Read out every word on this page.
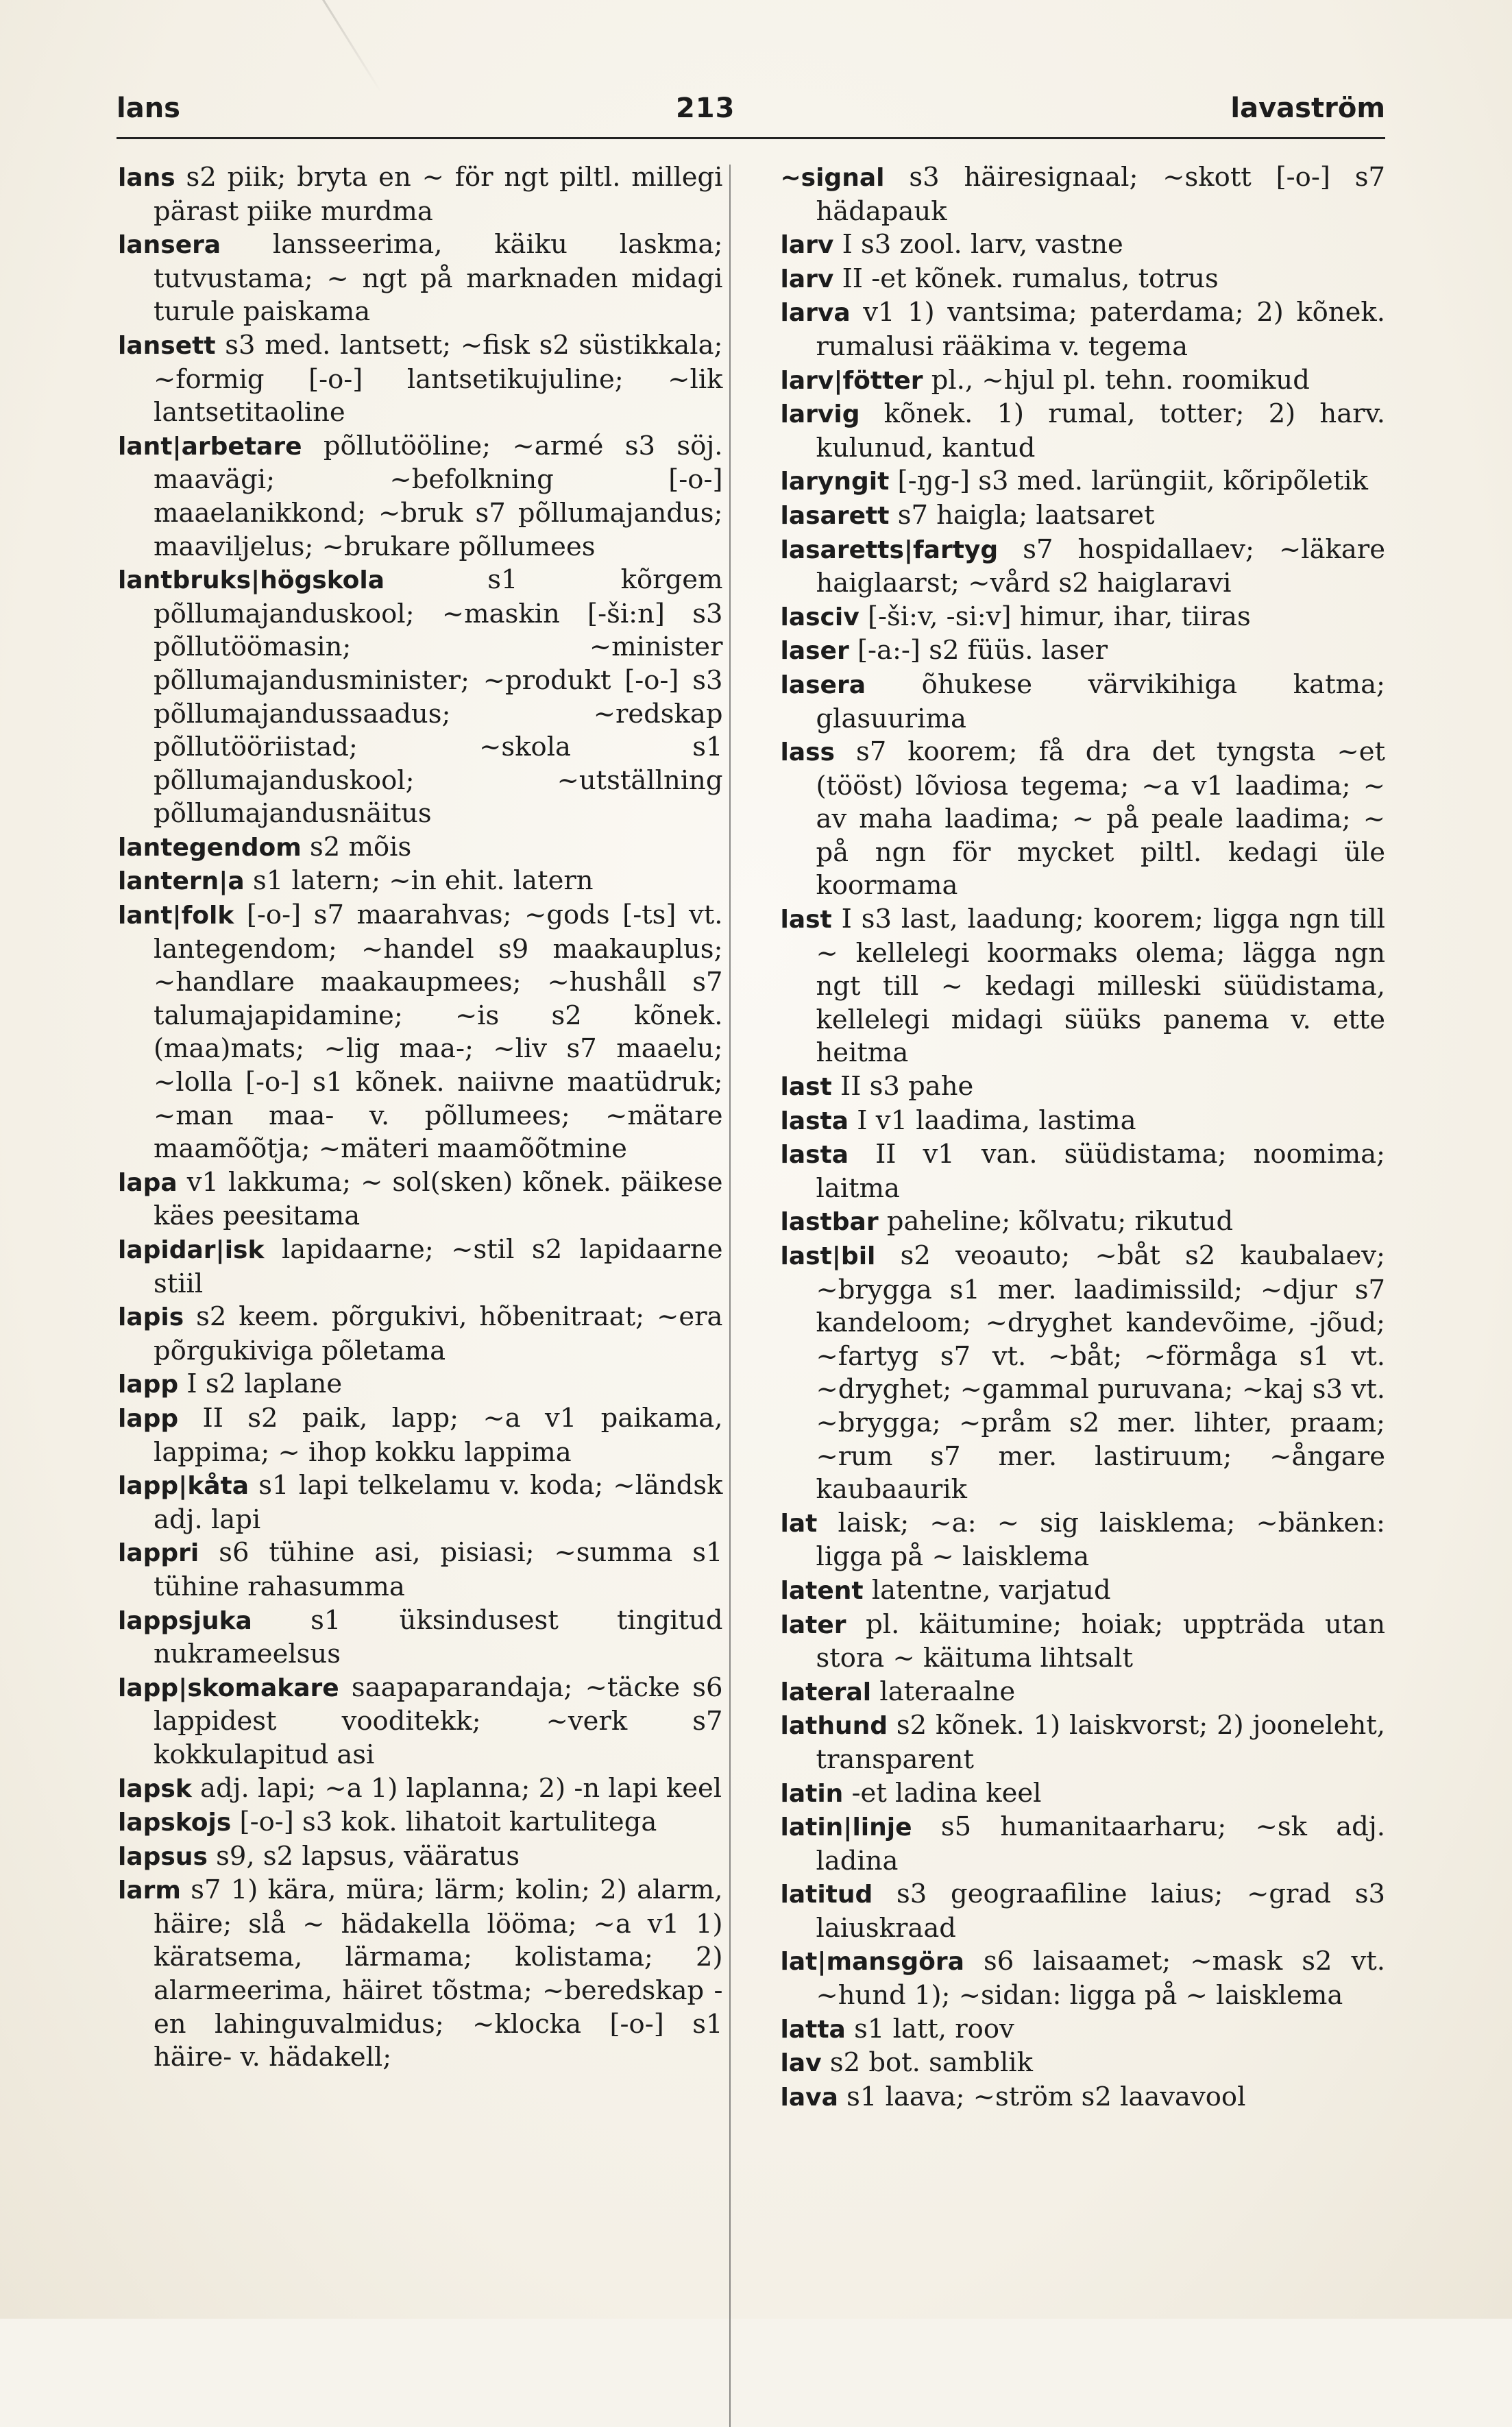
lans	213	lavaström

lans s2 piik; bryta en ~ för ngt piltl. millegi pärast piike murdma

lansera lansseerima, käiku laskma; tutvustama; ~ ngt på marknaden midagi turule paiskama

lansett s3 med. lantsett; ~fisk s2 süstikkala; ~formig [-o-] lantsetikujuline; ~lik lantsetitaoline

lant|arbetare põllutööline; ~armé s3 söj. maavägi; ~befolkning [-o-] maaelanikkond; ~bruk s7 põllumajandus; maaviljelus; ~brukare põllumees

lantbruks|högskola s1 kõrgem põllumajanduskool; ~maskin [-ši:n] s3 põllutöömasin; ~minister põllumajandusminister; ~produkt [-o-] s3 põllumajandussaadus; ~redskap põllutööriistad; ~skola s1 põllumajanduskool; ~utställning põllumajandusnäitus

lantegendom s2 mõis

lantern|a s1 latern; ~in ehit. latern

lant|folk [-o-] s7 maarahvas; ~gods [-ts] vt. lantegendom; ~handel s9 maakauplus; ~handlare maakaupmees; ~hushåll s7 talumajapidamine; ~is s2 kõnek. (maa)mats; ~lig maa-; ~liv s7 maaelu; ~lolla [-o-] s1 kõnek. naiivne maatüdruk; ~man maa- v. põllumees; ~mätare maamõõtja; ~mäteri maamõõtmine

lapa v1 lakkuma; ~ sol(sken) kõnek. päikese käes peesitama

lapidar|isk lapidaarne; ~stil s2 lapidaarne stiil

lapis s2 keem. põrgukivi, hõbenitraat; ~era põrgukiviga põletama

lapp I s2 laplane

lapp II s2 paik, lapp; ~a v1 paikama, lappima; ~ ihop kokku lappima

lapp|kåta s1 lapi telkelamu v. koda; ~ländsk adj. lapi

lappri s6 tühine asi, pisiasi; ~summa s1 tühine rahasumma

lappsjuka s1 üksindusest tingitud nukrameelsus

lapp|skomakare saapaparandaja; ~täcke s6 lappidest vooditekk; ~verk s7 kokkulapitud asi

lapsk adj. lapi; ~a 1) laplanna; 2) -n lapi keel

lapskojs [-o-] s3 kok. lihatoit kartulitega

lapsus s9, s2 lapsus, vääratus

larm s7 1) kära, müra; lärm; kolin; 2) alarm, häire; slå ~ hädakella lööma; ~a v1 1) käratsema, lärmama; kolistama; 2) alarmeerima, häiret tõstma; ~beredskap -en lahinguvalmidus; ~klocka [-o-] s1 häire- v. hädakell;

~signal s3 häiresignaal; ~skott [-o-] s7 hädapauk

larv I s3 zool. larv, vastne

larv II -et kõnek. rumalus, totrus

larva v1 1) vantsima; paterdama; 2) kõnek. rumalusi rääkima v. tegema

larv|fötter pl., ~hjul pl. tehn. roomikud

larvig kõnek. 1) rumal, totter; 2) harv. kulunud, kantud

laryngit [-ŋg-] s3 med. larüngiit, kõripõletik

lasarett s7 haigla; laatsaret

lasaretts|fartyg s7 hospidallaev; ~läkare haiglaarst; ~vård s2 haiglaravi

lasciv [-ši:v, -si:v] himur, ihar, tiiras

laser [-a:-] s2 füüs. laser

lasera õhukese värvikihiga katma; glasuurima

lass s7 koorem; få dra det tyngsta ~et (tööst) lõviosa tegema; ~a v1 laadima; ~ av maha laadima; ~ på peale laadima; ~ på ngn för mycket piltl. kedagi üle koormama

last I s3 last, laadung; koorem; ligga ngn till ~ kellelegi koormaks olema; lägga ngn ngt till ~ kedagi milleski süüdistama, kellelegi midagi süüks panema v. ette heitma

last II s3 pahe

lasta I v1 laadima, lastima

lasta II v1 van. süüdistama; noomima; laitma

lastbar paheline; kõlvatu; rikutud

last|bil s2 veoauto; ~båt s2 kaubalaev; ~brygga s1 mer. laadimissild; ~djur s7 kandeloom; ~dryghet kandevõime, -jõud; ~fartyg s7 vt. ~båt; ~förmåga s1 vt. ~dryghet; ~gammal puruvana; ~kaj s3 vt. ~brygga; ~pråm s2 mer. lihter, praam; ~rum s7 mer. lastiruum; ~ångare kaubaaurik

lat laisk; ~a: ~ sig laisklema; ~bänken: ligga på ~ laisklema

latent latentne, varjatud

later pl. käitumine; hoiak; uppträda utan stora ~ käituma lihtsalt

lateral lateraalne

lathund s2 kõnek. 1) laiskvorst; 2) jooneleht, transparent

latin -et ladina keel

latin|linje s5 humanitaarharu; ~sk adj. ladina

latitud s3 geograafiline laius; ~grad s3 laiuskraad

lat|mansgöra s6 laisaamet; ~mask s2 vt. ~hund 1); ~sidan: ligga på ~ laisklema

latta s1 latt, roov

lav s2 bot. samblik

lava s1 laava; ~ström s2 laavavool
